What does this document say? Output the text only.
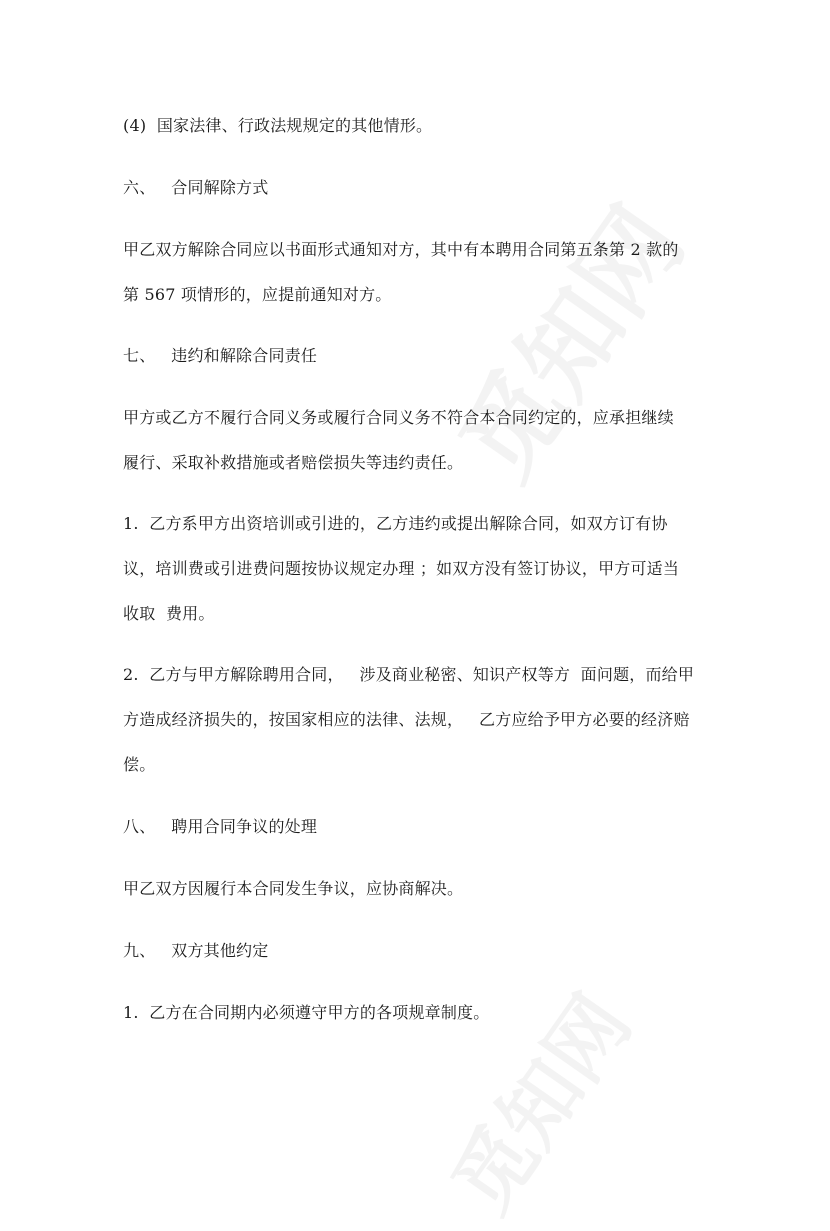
(4)  国家法律、行政法规规定的其他情形。
六、   合同解除方式
甲乙双方解除合同应以书面形式通知对方，其中有本聘用合同第五条第 2 款的
第 567 项情形的，应提前通知对方。
七、   违约和解除合同责任
甲方或乙方不履行合同义务或履行合同义务不符合本合同约定的，应承担继续
履行、采取补救措施或者赔偿损失等违约责任。
1.  乙方系甲方出资培训或引进的，乙方违约或提出解除合同，如双方订有协
议，培训费或引进费问题按协议规定办理 ；如双方没有签订协议，甲方可适当
收取  费用。
2.  乙方与甲方解除聘用合同，   涉及商业秘密、知识产权等方  面问题，而给甲
方造成经济损失的，按国家相应的法律、法规，   乙方应给予甲方必要的经济赔
偿。
八、   聘用合同争议的处理
甲乙双方因履行本合同发生争议，应协商解决。
九、   双方其他约定
1.  乙方在合同期内必须遵守甲方的各项规章制度。
